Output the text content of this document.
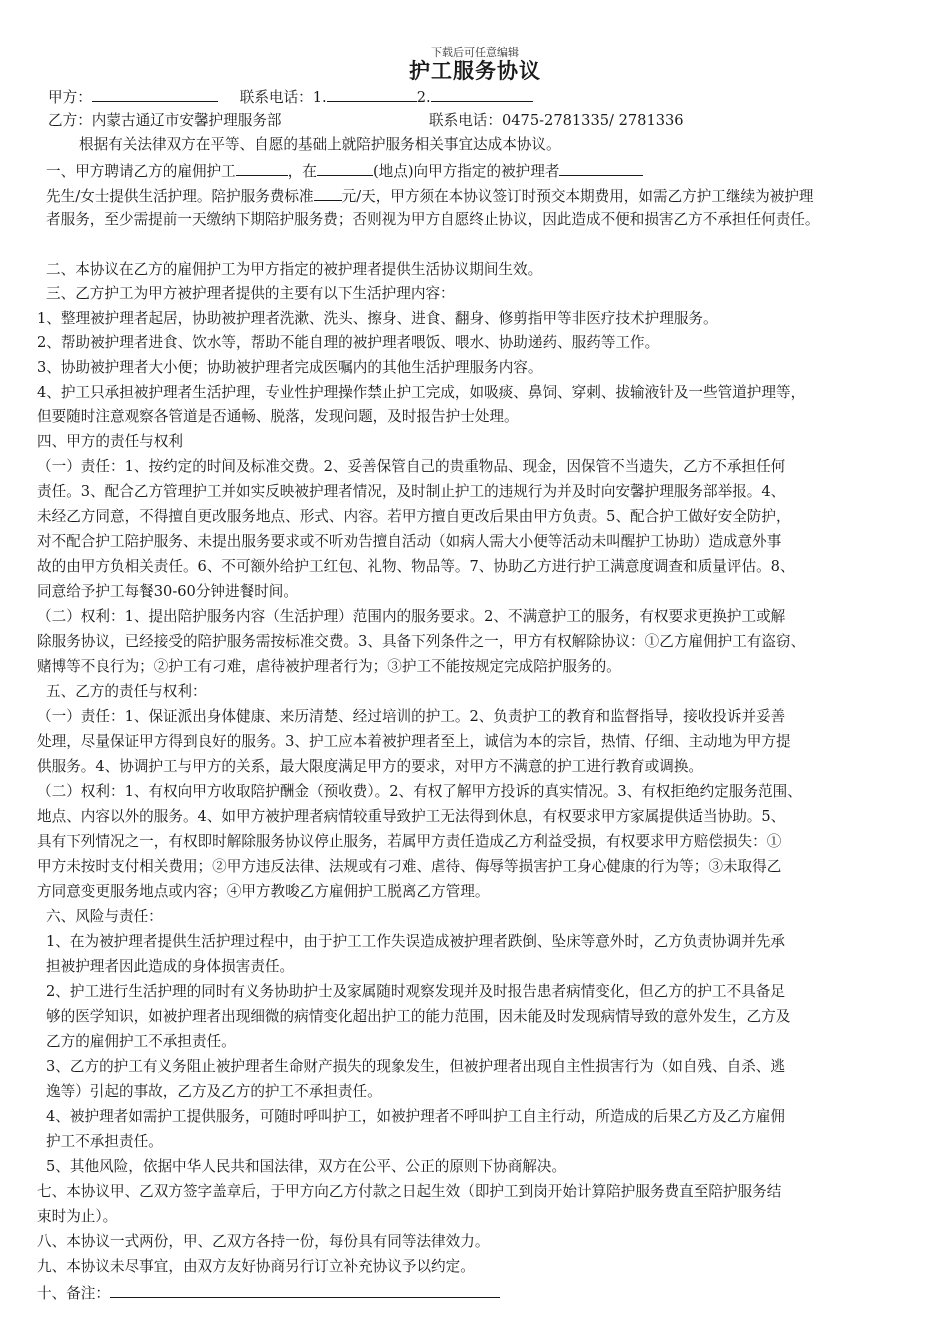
下载后可任意编辑
护工服务协议
甲方：	联系电话：1.	2.
乙方：内蒙古通辽市安馨护理服务部	联系电话：0475-2781335/ 2781336
根据有关法律双方在平等、自愿的基础上就陪护服务相关事宜达成本协议。
一、甲方聘请乙方的雇佣护工	，在	(地点)向甲方指定的被护理者
先生/女士提供生活护理。陪护服务费标准 元/天，甲方须在本协议签订时预交本期费用，如需乙方护工继续为被护理
者服务，至少需提前一天缴纳下期陪护服务费；否则视为甲方自愿终止协议，因此造成不便和损害乙方不承担任何责任。
二、本协议在乙方的雇佣护工为甲方指定的被护理者提供生活协议期间生效。
三、乙方护工为甲方被护理者提供的主要有以下生活护理内容：
1、整理被护理者起居，协助被护理者洗漱、洗头、擦身、进食、翻身、修剪指甲等非医疗技术护理服务。
2、帮助被护理者进食、饮水等，帮助不能自理的被护理者喂饭、喂水、协助递药、服药等工作。
3、协助被护理者大小便；协助被护理者完成医嘱内的其他生活护理服务内容。
4、护工只承担被护理者生活护理，专业性护理操作禁止护工完成，如吸痰、鼻饲、穿刺、拔输液针及一些管道护理等，
但要随时注意观察各管道是否通畅、脱落，发现问题，及时报告护士处理。
四、甲方的责任与权利
（一）责任：1、按约定的时间及标准交费。2、妥善保管自己的贵重物品、现金，因保管不当遗失，乙方不承担任何
责任。3、配合乙方管理护工并如实反映被护理者情况，及时制止护工的违规行为并及时向安馨护理服务部举报。4、
未经乙方同意，不得擅自更改服务地点、形式、内容。若甲方擅自更改后果由甲方负责。5、配合护工做好安全防护，
对不配合护工陪护服务、未提出服务要求或不听劝告擅自活动（如病人需大小便等活动未叫醒护工协助）造成意外事
故的由甲方负相关责任。6、不可额外给护工红包、礼物、物品等。7、协助乙方进行护工满意度调查和质量评估。8、
同意给予护工每餐30-60分钟进餐时间。
（二）权利：1、提出陪护服务内容（生活护理）范围内的服务要求。2、不满意护工的服务，有权要求更换护工或解
除服务协议，已经接受的陪护服务需按标准交费。3、具备下列条件之一，甲方有权解除协议：①乙方雇佣护工有盗窃、
赌博等不良行为；②护工有刁难，虐待被护理者行为；③护工不能按规定完成陪护服务的。
五、乙方的责任与权利：
（一）责任：1、保证派出身体健康、来历清楚、经过培训的护工。2、负责护工的教育和监督指导，接收投诉并妥善
处理，尽量保证甲方得到良好的服务。3、护工应本着被护理者至上，诚信为本的宗旨，热情、仔细、主动地为甲方提
供服务。4、协调护工与甲方的关系，最大限度满足甲方的要求，对甲方不满意的护工进行教育或调换。
（二）权利：1、有权向甲方收取陪护酬金（预收费）。2、有权了解甲方投诉的真实情况。3、有权拒绝约定服务范围、
地点、内容以外的服务。4、如甲方被护理者病情较重导致护工无法得到休息，有权要求甲方家属提供适当协助。5、
具有下列情况之一，有权即时解除服务协议停止服务，若属甲方责任造成乙方利益受损，有权要求甲方赔偿损失：①
甲方未按时支付相关费用；②甲方违反法律、法规或有刁难、虐待、侮辱等损害护工身心健康的行为等；③未取得乙
方同意变更服务地点或内容；④甲方教唆乙方雇佣护工脱离乙方管理。
六、风险与责任：
1、在为被护理者提供生活护理过程中，由于护工工作失误造成被护理者跌倒、坠床等意外时，乙方负责协调并先承
担被护理者因此造成的身体损害责任。
2、护工进行生活护理的同时有义务协助护士及家属随时观察发现并及时报告患者病情变化，但乙方的护工不具备足
够的医学知识，如被护理者出现细微的病情变化超出护工的能力范围，因未能及时发现病情导致的意外发生，乙方及
乙方的雇佣护工不承担责任。
3、乙方的护工有义务阻止被护理者生命财产损失的现象发生，但被护理者出现自主性损害行为（如自残、自杀、逃
逸等）引起的事故，乙方及乙方的护工不承担责任。
4、被护理者如需护工提供服务，可随时呼叫护工，如被护理者不呼叫护工自主行动，所造成的后果乙方及乙方雇佣
护工不承担责任。
5、其他风险，依据中华人民共和国法律，双方在公平、公正的原则下协商解决。
七、本协议甲、乙双方签字盖章后，于甲方向乙方付款之日起生效（即护工到岗开始计算陪护服务费直至陪护服务结
束时为止）。
八、本协议一式两份，甲、乙双方各持一份，每份具有同等法律效力。
九、本协议未尽事宜，由双方友好协商另行订立补充协议予以约定。
十、备注：
